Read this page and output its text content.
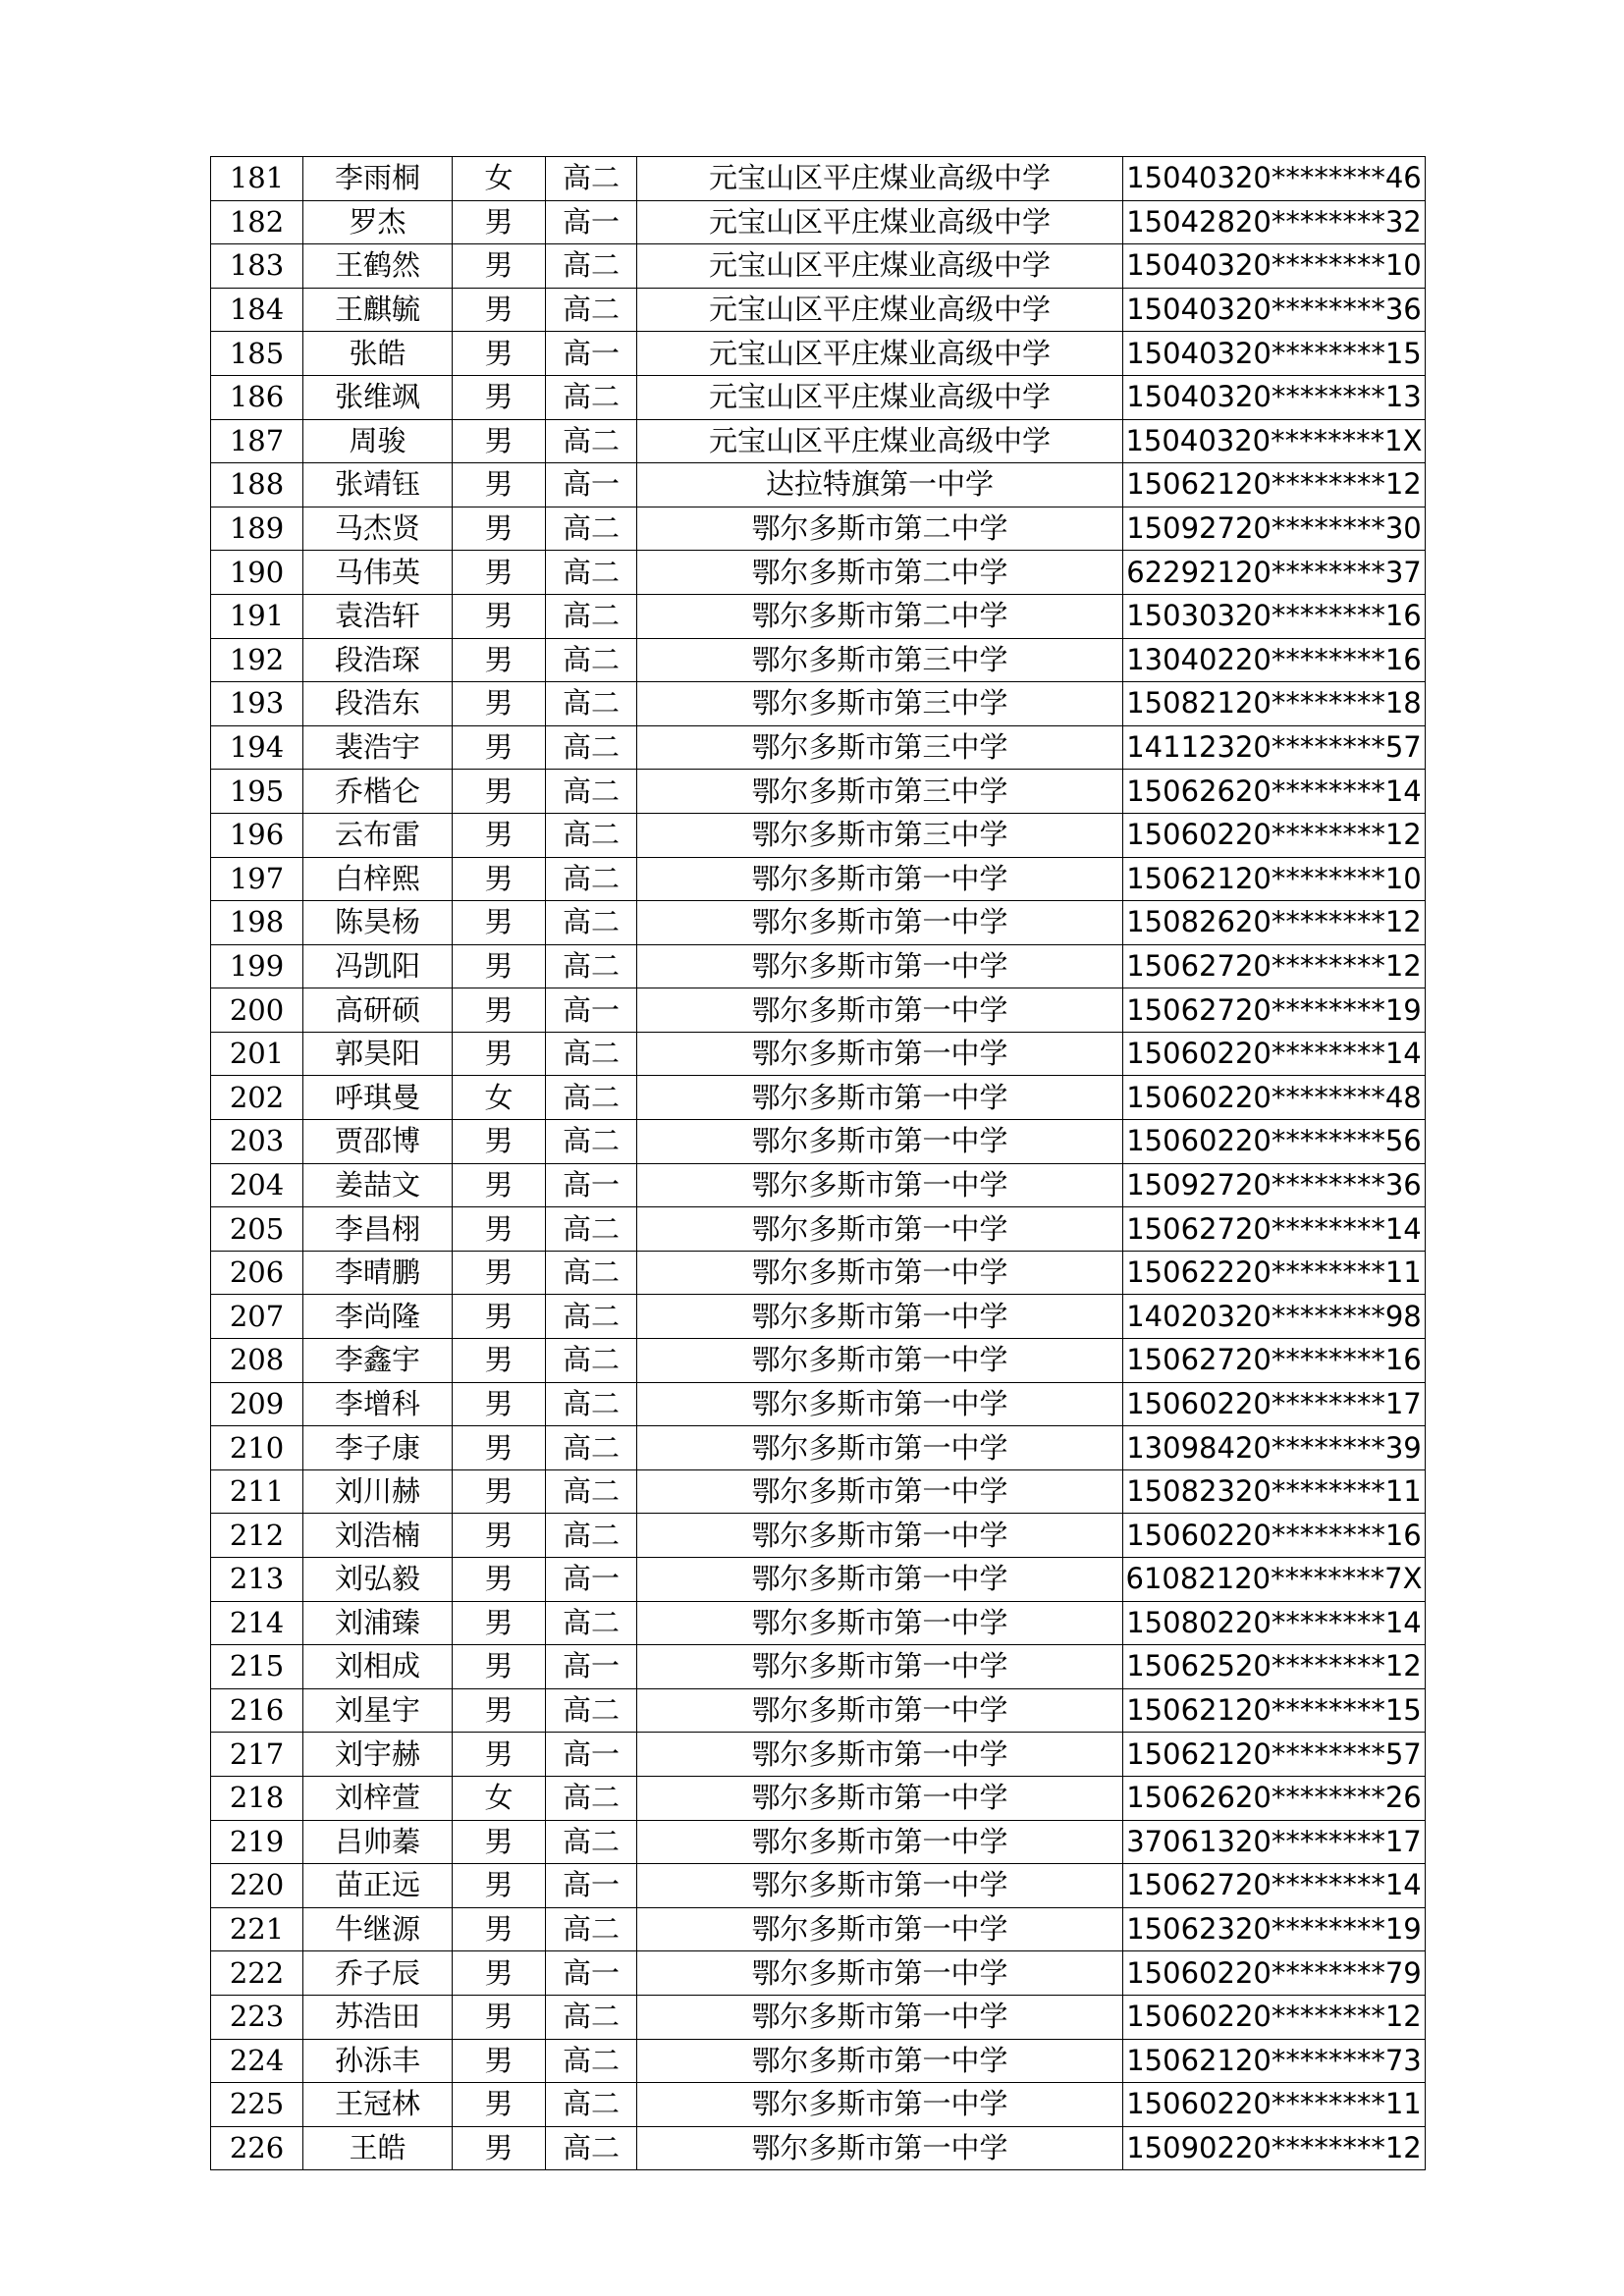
181	李雨桐	女	高二	元宝山区平庄煤业高级中学	15040320********46
182	罗杰	男	高一	元宝山区平庄煤业高级中学	15042820********32
183	王鹤然	男	高二	元宝山区平庄煤业高级中学	15040320********10
184	王麒毓	男	高二	元宝山区平庄煤业高级中学	15040320********36
185	张皓	男	高一	元宝山区平庄煤业高级中学	15040320********15
186	张维飒	男	高二	元宝山区平庄煤业高级中学	15040320********13
187	周骏	男	高二	元宝山区平庄煤业高级中学	15040320********1X
188	张靖钰	男	高一	达拉特旗第一中学	15062120********12
189	马杰贤	男	高二	鄂尔多斯市第二中学	15092720********30
190	马伟英	男	高二	鄂尔多斯市第二中学	62292120********37
191	袁浩轩	男	高二	鄂尔多斯市第二中学	15030320********16
192	段浩琛	男	高二	鄂尔多斯市第三中学	13040220********16
193	段浩东	男	高二	鄂尔多斯市第三中学	15082120********18
194	裴浩宇	男	高二	鄂尔多斯市第三中学	14112320********57
195	乔楷仑	男	高二	鄂尔多斯市第三中学	15062620********14
196	云布雷	男	高二	鄂尔多斯市第三中学	15060220********12
197	白梓熙	男	高二	鄂尔多斯市第一中学	15062120********10
198	陈昊杨	男	高二	鄂尔多斯市第一中学	15082620********12
199	冯凯阳	男	高二	鄂尔多斯市第一中学	15062720********12
200	高研硕	男	高一	鄂尔多斯市第一中学	15062720********19
201	郭昊阳	男	高二	鄂尔多斯市第一中学	15060220********14
202	呼琪曼	女	高二	鄂尔多斯市第一中学	15060220********48
203	贾邵博	男	高二	鄂尔多斯市第一中学	15060220********56
204	姜喆文	男	高一	鄂尔多斯市第一中学	15092720********36
205	李昌栩	男	高二	鄂尔多斯市第一中学	15062720********14
206	李晴鹏	男	高二	鄂尔多斯市第一中学	15062220********11
207	李尚隆	男	高二	鄂尔多斯市第一中学	14020320********98
208	李鑫宇	男	高二	鄂尔多斯市第一中学	15062720********16
209	李增科	男	高二	鄂尔多斯市第一中学	15060220********17
210	李子康	男	高二	鄂尔多斯市第一中学	13098420********39
211	刘川赫	男	高二	鄂尔多斯市第一中学	15082320********11
212	刘浩楠	男	高二	鄂尔多斯市第一中学	15060220********16
213	刘弘毅	男	高一	鄂尔多斯市第一中学	61082120********7X
214	刘浦臻	男	高二	鄂尔多斯市第一中学	15080220********14
215	刘相成	男	高一	鄂尔多斯市第一中学	15062520********12
216	刘星宇	男	高二	鄂尔多斯市第一中学	15062120********15
217	刘宇赫	男	高一	鄂尔多斯市第一中学	15062120********57
218	刘梓萱	女	高二	鄂尔多斯市第一中学	15062620********26
219	吕帅蓁	男	高二	鄂尔多斯市第一中学	37061320********17
220	苗正远	男	高一	鄂尔多斯市第一中学	15062720********14
221	牛继源	男	高二	鄂尔多斯市第一中学	15062320********19
222	乔子辰	男	高一	鄂尔多斯市第一中学	15060220********79
223	苏浩田	男	高二	鄂尔多斯市第一中学	15060220********12
224	孙泺丰	男	高二	鄂尔多斯市第一中学	15062120********73
225	王冠林	男	高二	鄂尔多斯市第一中学	15060220********11
226	王皓	男	高二	鄂尔多斯市第一中学	15090220********12
